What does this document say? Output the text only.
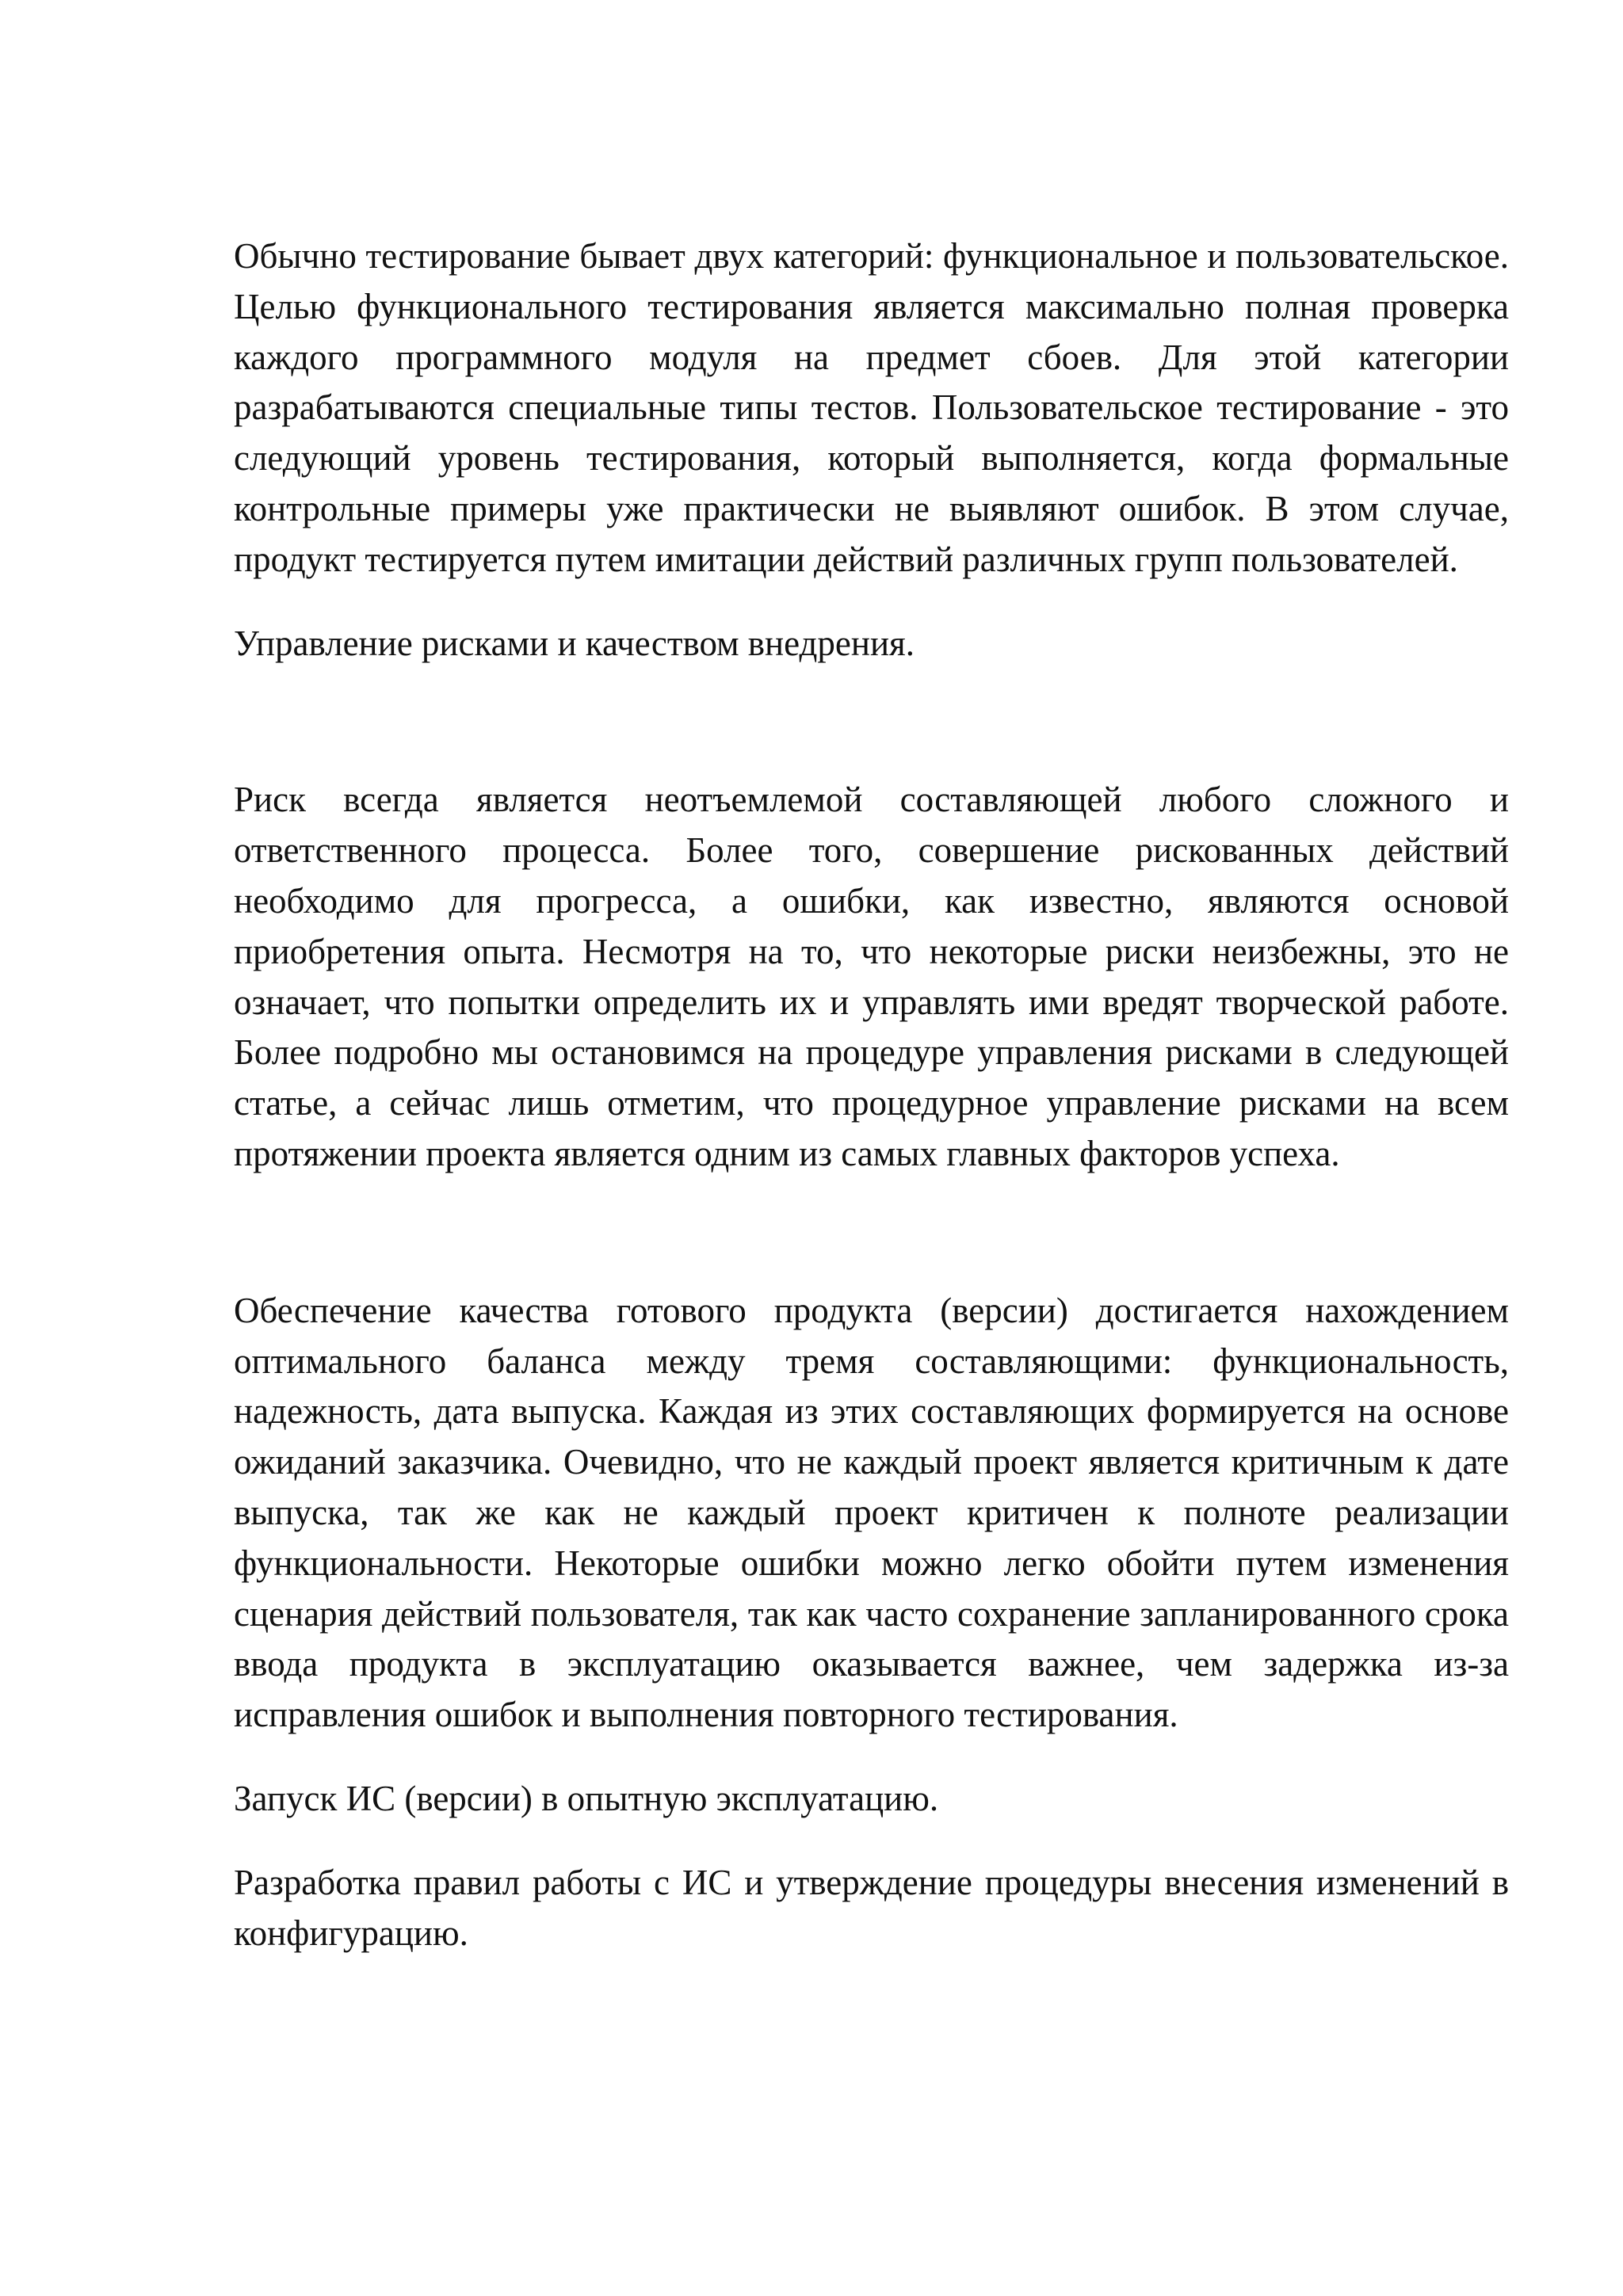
Обычно тестирование бывает двух категорий: функциональное и пользовательское. Целью функционального тестирования является максимально полная проверка каждого программного модуля на предмет сбоев. Для этой категории разрабатываются специальные типы тестов. Пользовательское тестирование - это следующий уровень тестирования, который выполняется, когда формальные контрольные примеры уже практически не выявляют ошибок. В этом случае, продукт тестируется путем имитации действий различных групп пользователей.

Управление рисками и качеством внедрения.

Риск всегда является неотъемлемой составляющей любого сложного и ответственного процесса. Более того, совершение рискованных действий необходимо для прогресса, а ошибки, как известно, являются основой приобретения опыта. Несмотря на то, что некоторые риски неизбежны, это не означает, что попытки определить их и управлять ими вредят творческой работе. Более подробно мы остановимся на процедуре управления рисками в следующей статье, а сейчас лишь отметим, что процедурное управление рисками на всем протяжении проекта является одним из самых главных факторов успеха.

Обеспечение качества готового продукта (версии) достигается нахождением оптимального баланса между тремя составляющими: функциональность, надежность, дата выпуска. Каждая из этих составляющих формируется на основе ожиданий заказчика. Очевидно, что не каждый проект является критичным к дате выпуска, так же как не каждый проект критичен к полноте реализации функциональности. Некоторые ошибки можно легко обойти путем изменения сценария действий пользователя, так как часто сохранение запланированного срока ввода продукта в эксплуатацию оказывается важнее, чем задержка из-за исправления ошибок и выполнения повторного тестирования.

Запуск ИС (версии) в опытную эксплуатацию.

Разработка правил работы с ИС и утверждение процедуры внесения изменений в конфигурацию.
